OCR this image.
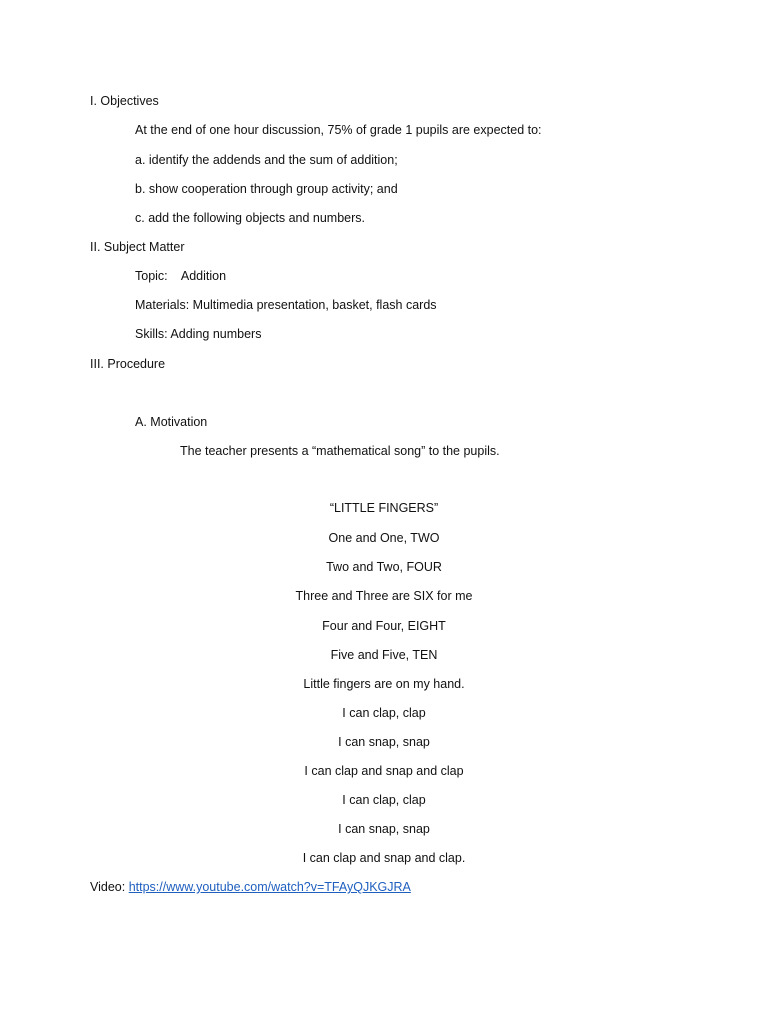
I. Objectives
At the end of one hour discussion, 75% of grade 1 pupils are expected to:
a. identify the addends and the sum of addition;
b. show cooperation through group activity; and
c. add the following objects and numbers.
II. Subject Matter
Topic:    Addition
Materials: Multimedia presentation, basket, flash cards
Skills: Adding numbers
III. Procedure
A. Motivation
The teacher presents a “mathematical song” to the pupils.
“LITTLE FINGERS”
One and One, TWO
Two and Two, FOUR
Three and Three are SIX for me
Four and Four, EIGHT
Five and Five, TEN
Little fingers are on my hand.
I can clap, clap
I can snap, snap
I can clap and snap and clap
I can clap, clap
I can snap, snap
I can clap and snap and clap.
Video: https://www.youtube.com/watch?v=TFAyQJKGJRA
